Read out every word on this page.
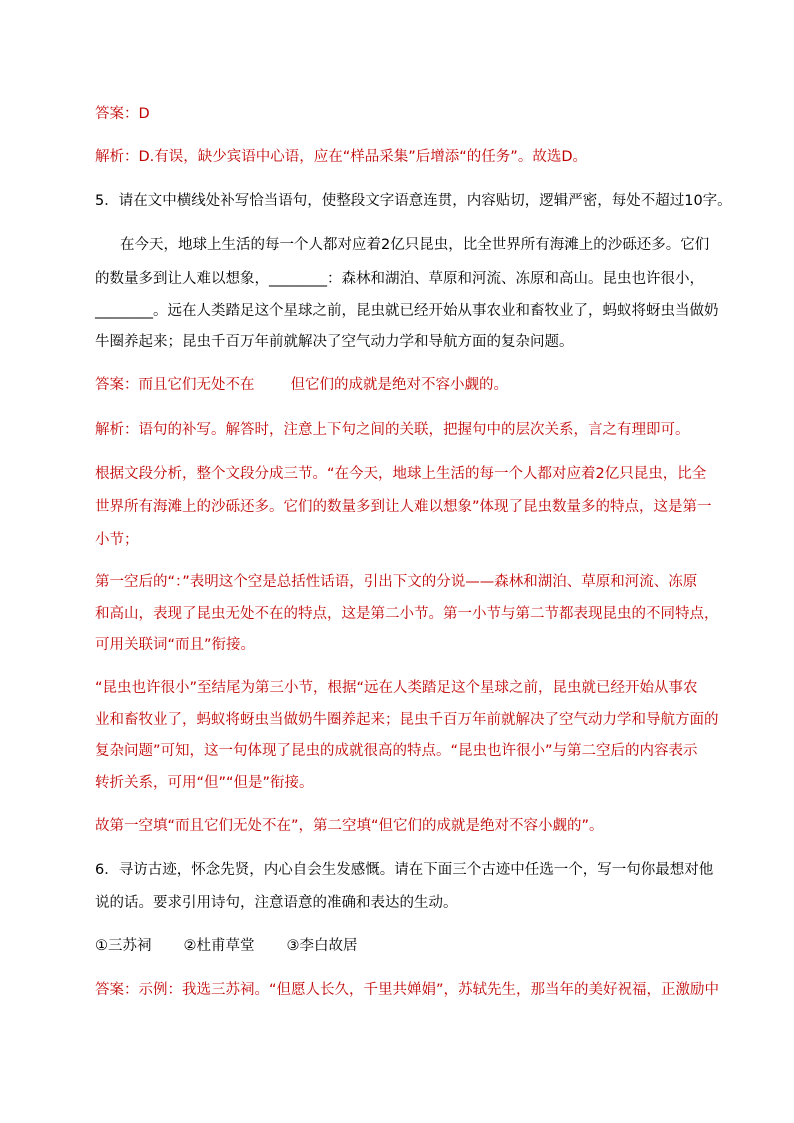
答案：D
解析：D.有误，缺少宾语中心语，应在“样品采集”后增添“的任务”。故选D。
5．请在文中横线处补写恰当语句，使整段文字语意连贯，内容贴切，逻辑严密，每处不超过10字。
在今天，地球上生活的每一个人都对应着2亿只昆虫，比全世界所有海滩上的沙砾还多。它们
的数量多到让人难以想象，________：森林和湖泊、草原和河流、冻原和高山。昆虫也许很小，
________。远在人类踏足这个星球之前，昆虫就已经开始从事农业和畜牧业了，蚂蚁将蚜虫当做奶
牛圈养起来；昆虫千百万年前就解决了空气动力学和导航方面的复杂问题。
答案：而且它们无处不在 但它们的成就是绝对不容小觑的。
解析：语句的补写。解答时，注意上下句之间的关联，把握句中的层次关系，言之有理即可。
根据文段分析，整个文段分成三节。“在今天，地球上生活的每一个人都对应着2亿只昆虫，比全
世界所有海滩上的沙砾还多。它们的数量多到让人难以想象”体现了昆虫数量多的特点，这是第一
小节；
第一空后的“：”表明这个空是总括性话语，引出下文的分说——森林和湖泊、草原和河流、冻原
和高山，表现了昆虫无处不在的特点，这是第二小节。第一小节与第二节都表现昆虫的不同特点，
可用关联词“而且”衔接。
“昆虫也许很小”至结尾为第三小节，根据“远在人类踏足这个星球之前，昆虫就已经开始从事农
业和畜牧业了，蚂蚁将蚜虫当做奶牛圈养起来；昆虫千百万年前就解决了空气动力学和导航方面的
复杂问题”可知，这一句体现了昆虫的成就很高的特点。“昆虫也许很小”与第二空后的内容表示
转折关系，可用“但”“但是”衔接。
故第一空填“而且它们无处不在”，第二空填“但它们的成就是绝对不容小觑的”。
6．寻访古迹，怀念先贤，内心自会生发感慨。请在下面三个古迹中任选一个，写一句你最想对他
说的话。要求引用诗句，注意语意的准确和表达的生动。
①三苏祠 ②杜甫草堂 ③李白故居
答案：示例：我选三苏祠。“但愿人长久，千里共婵娟”，苏轼先生，那当年的美好祝福，正激励中
